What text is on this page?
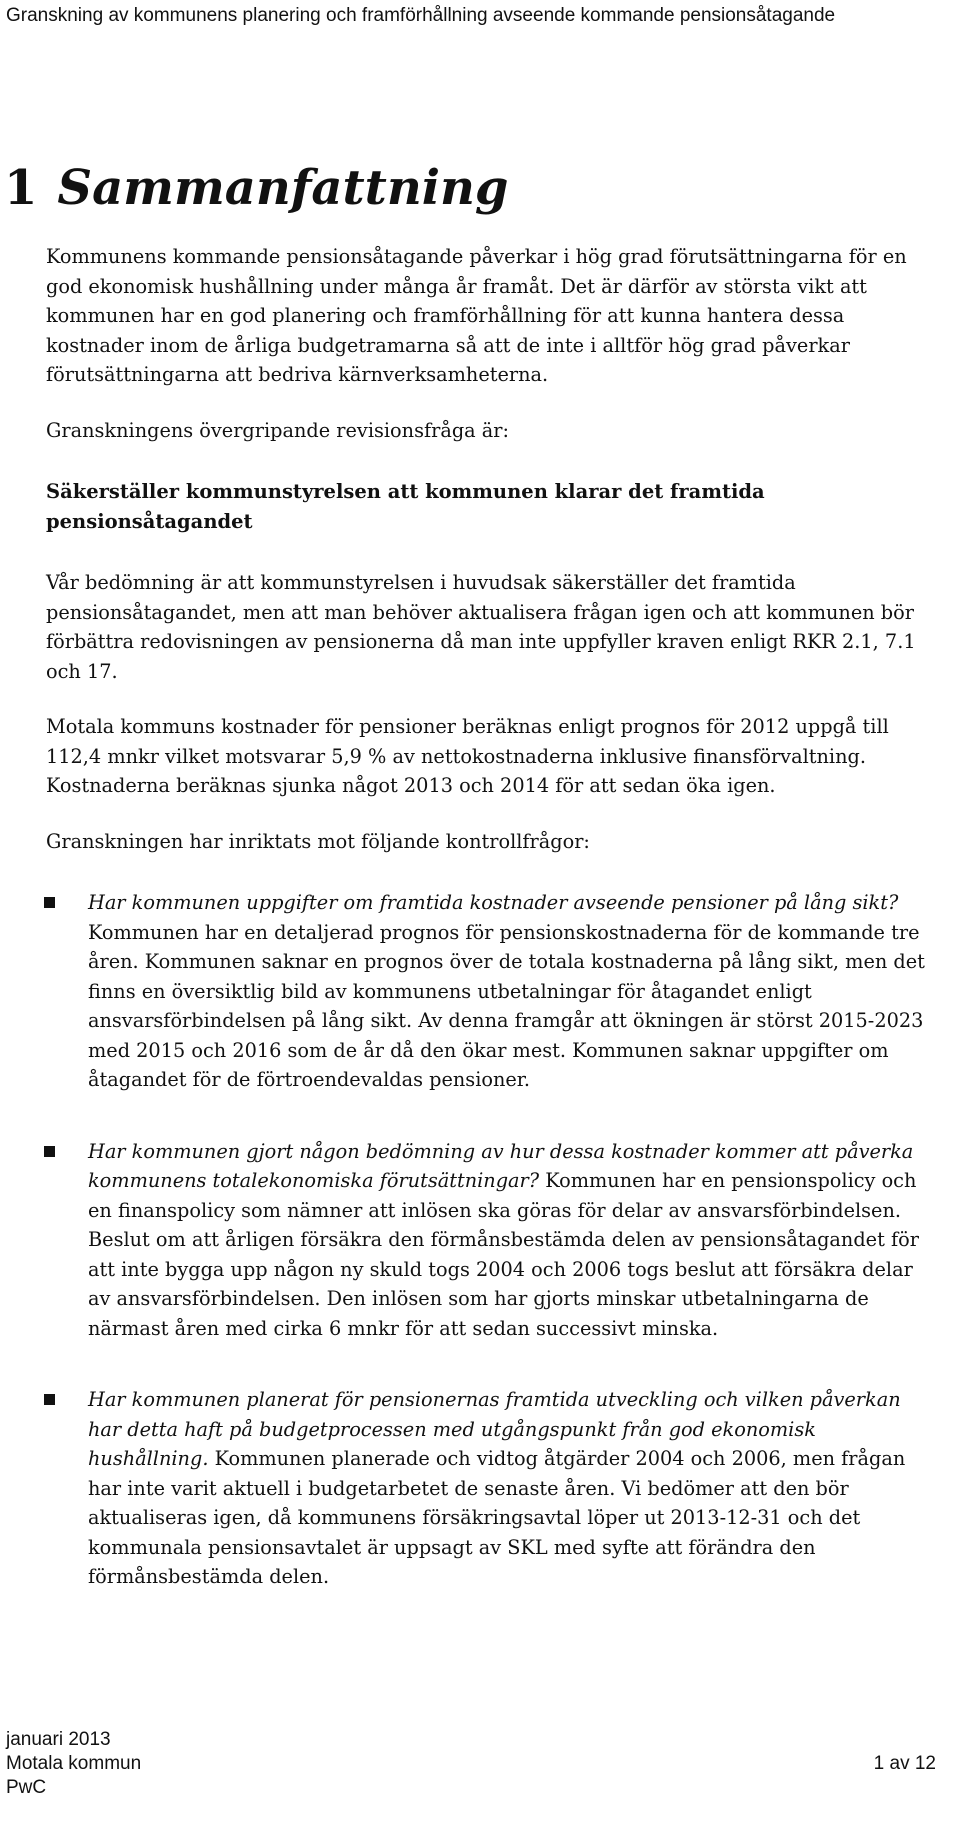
Granskning av kommunens planering och framförhållning avseende kommande pensionsåtagande
1 Sammanfattning

Kommunens kommande pensionsåtagande påverkar i hög grad förutsättningarna för en god ekonomisk hushållning under många år framåt. Det är därför av största vikt att kommunen har en god planering och framförhållning för att kunna hantera dessa kostnader inom de årliga budgetramarna så att de inte i alltför hög grad påverkar förutsättningarna att bedriva kärnverksamheterna.

Granskningens övergripande revisionsfråga är:

Säkerställer kommunstyrelsen att kommunen klarar det framtida pensionsåtagandet

Vår bedömning är att kommunstyrelsen i huvudsak säkerställer det framtida pensionsåtagandet, men att man behöver aktualisera frågan igen och att kommunen bör förbättra redovisningen av pensionerna då man inte uppfyller kraven enligt RKR 2.1, 7.1 och 17.

Motala kommuns kostnader för pensioner beräknas enligt prognos för 2012 uppgå till 112,4 mnkr vilket motsvarar 5,9 % av nettokostnaderna inklusive finansförvaltning. Kostnaderna beräknas sjunka något 2013 och 2014 för att sedan öka igen.

Granskningen har inriktats mot följande kontrollfrågor:

Har kommunen uppgifter om framtida kostnader avseende pensioner på lång sikt? Kommunen har en detaljerad prognos för pensionskostnaderna för de kommande tre åren. Kommunen saknar en prognos över de totala kostnaderna på lång sikt, men det finns en översiktlig bild av kommunens utbetalningar för åtagandet enligt ansvarsförbindelsen på lång sikt. Av denna framgår att ökningen är störst 2015-2023 med 2015 och 2016 som de år då den ökar mest. Kommunen saknar uppgifter om åtagandet för de förtroendevaldas pensioner.
Har kommunen gjort någon bedömning av hur dessa kostnader kommer att påverka kommunens totalekonomiska förutsättningar? Kommunen har en pensionspolicy och en finanspolicy som nämner att inlösen ska göras för delar av ansvarsförbindelsen. Beslut om att årligen försäkra den förmånsbestämda delen av pensionsåtagandet för att inte bygga upp någon ny skuld togs 2004 och 2006 togs beslut att försäkra delar av ansvarsförbindelsen. Den inlösen som har gjorts minskar utbetalningarna de närmast åren med cirka 6 mnkr för att sedan successivt minska.
Har kommunen planerat för pensionernas framtida utveckling och vilken påverkan har detta haft på budgetprocessen med utgångspunkt från god ekonomisk hushållning. Kommunen planerade och vidtog åtgärder 2004 och 2006, men frågan har inte varit aktuell i budgetarbetet de senaste åren. Vi bedömer att den bör aktualiseras igen, då kommunens försäkringsavtal löper ut 2013-12-31 och det kommunala pensionsavtalet är uppsagt av SKL med syfte att förändra den förmånsbestämda delen.
januari 2013
Motala kommun	1 av 12
PwC
